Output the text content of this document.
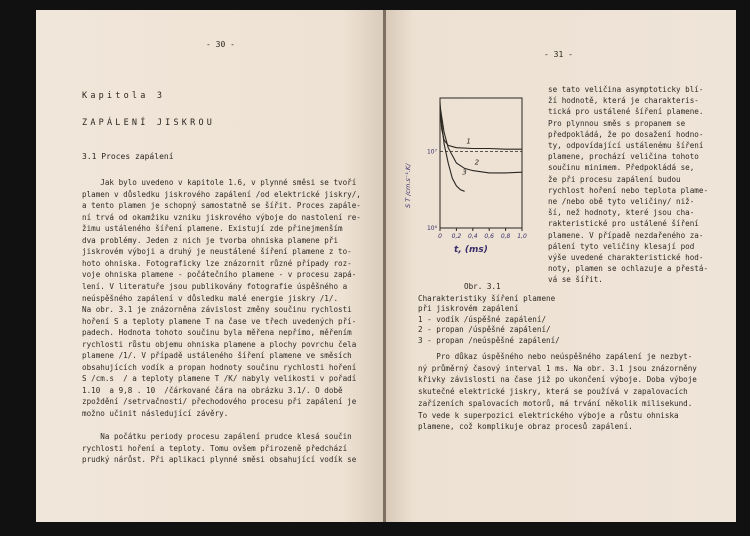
- 30 -
Kapitola 3
ZAPÁLENÍ JISKROU
3.1 Proces zapálení
Jak bylo uvedeno v kapitole 1.6, v plynné směsi se tvoří
plamen v důsledku jiskrového zapálení /od elektrické jiskry/,
a tento plamen je schopný samostatně se šířit. Proces zapále-
ní trvá od okamžiku vzniku jiskrového výboje do nastolení re-
žimu ustáleného šíření plamene. Existují zde přinejmenším
dva problémy. Jeden z nich je tvorba ohniska plamene při
jiskrovém výboji a druhý je neustálené šíření plamene z to-
hoto ohniska. Fotograficky lze znázornit různé případy roz-
voje ohniska plamene - počátečního plamene - v procesu zapá-
lení. V literatuře jsou publikovány fotografie úspěšného a
neúspěšného zapálení v důsledku malé energie jiskry /1/.
Na obr. 3.1 je znázorněna závislost změny součinu rychlosti
hoření S a teploty plamene T na čase ve třech uvedených pří-
padech. Hodnota tohoto součinu byla měřena nepřímo, měřením
rychlosti růstu objemu ohniska plamene a plochy povrchu čela
plamene /1/. V případě ustáleného šíření plamene ve směsích
obsahujících vodík a propan hodnoty součinu rychlosti hoření
S /cm.s  / a teploty plamene T /K/ nabyly velikosti v pořadí
1.10  a 9,8 . 10  /čárkované čára na obrázku 3.1/. O době
zpoždění /setrvačnosti/ přechodového procesu při zapálení je
možno učinit následující závěry.
Na počátku periody procesu zapálení prudce klesá součin
rychlosti hoření a teploty. Tomu ovšem přirozeně předchází
prudký nárůst. Při aplikaci plynné směsi obsahující vodík se
- 31 -
0 0,2 0,4 0,6 0,8 1,0
10⁶
10⁷
t, (ms)
S T /cm.s⁻¹.K/
1
2
3
Obr. 3.1
se tato veličina asymptoticky blí-
ží hodnotě, která je charakteris-
tická pro ustálené šíření plamene.
Pro plynnou směs s propanem se
předpokládá, že po dosažení hodno-
ty, odpovídající ustálenému šíření
plamene, prochází veličina tohoto
součinu minimem. Předpokládá se,
že při procesu zapálení budou
rychlost hoření nebo teplota plame-
ne /nebo obě tyto veličiny/ niž-
ší, než hodnoty, které jsou cha-
rakteristické pro ustálené šíření
plamene. V případě nezdařeného za-
pálení tyto veličiny klesají pod
výše uvedené charakteristické hod-
noty, plamen se ochlazuje a přestá-
vá se šířit.
Charakteristiky šíření plamene
při jiskrovém zapálení
1 - vodík /úspěšné zapálení/
2 - propan /úspěšné zapálení/
3 - propan /neúspěšné zapálení/
Pro důkaz úspěšného nebo neúspěšného zapálení je nezbyt-
ný průměrný časový interval 1 ms. Na obr. 3.1 jsou znázorněny
křivky závislosti na čase již po ukončení výboje. Doba výboje
skutečné elektrické jiskry, která se používá v zapalovacích
zařízeních spalovacích motorů, má trvání několik milisekund.
To vede k superpozici elektrického výboje a růstu ohniska
plamene, což komplikuje obraz procesů zapálení.
